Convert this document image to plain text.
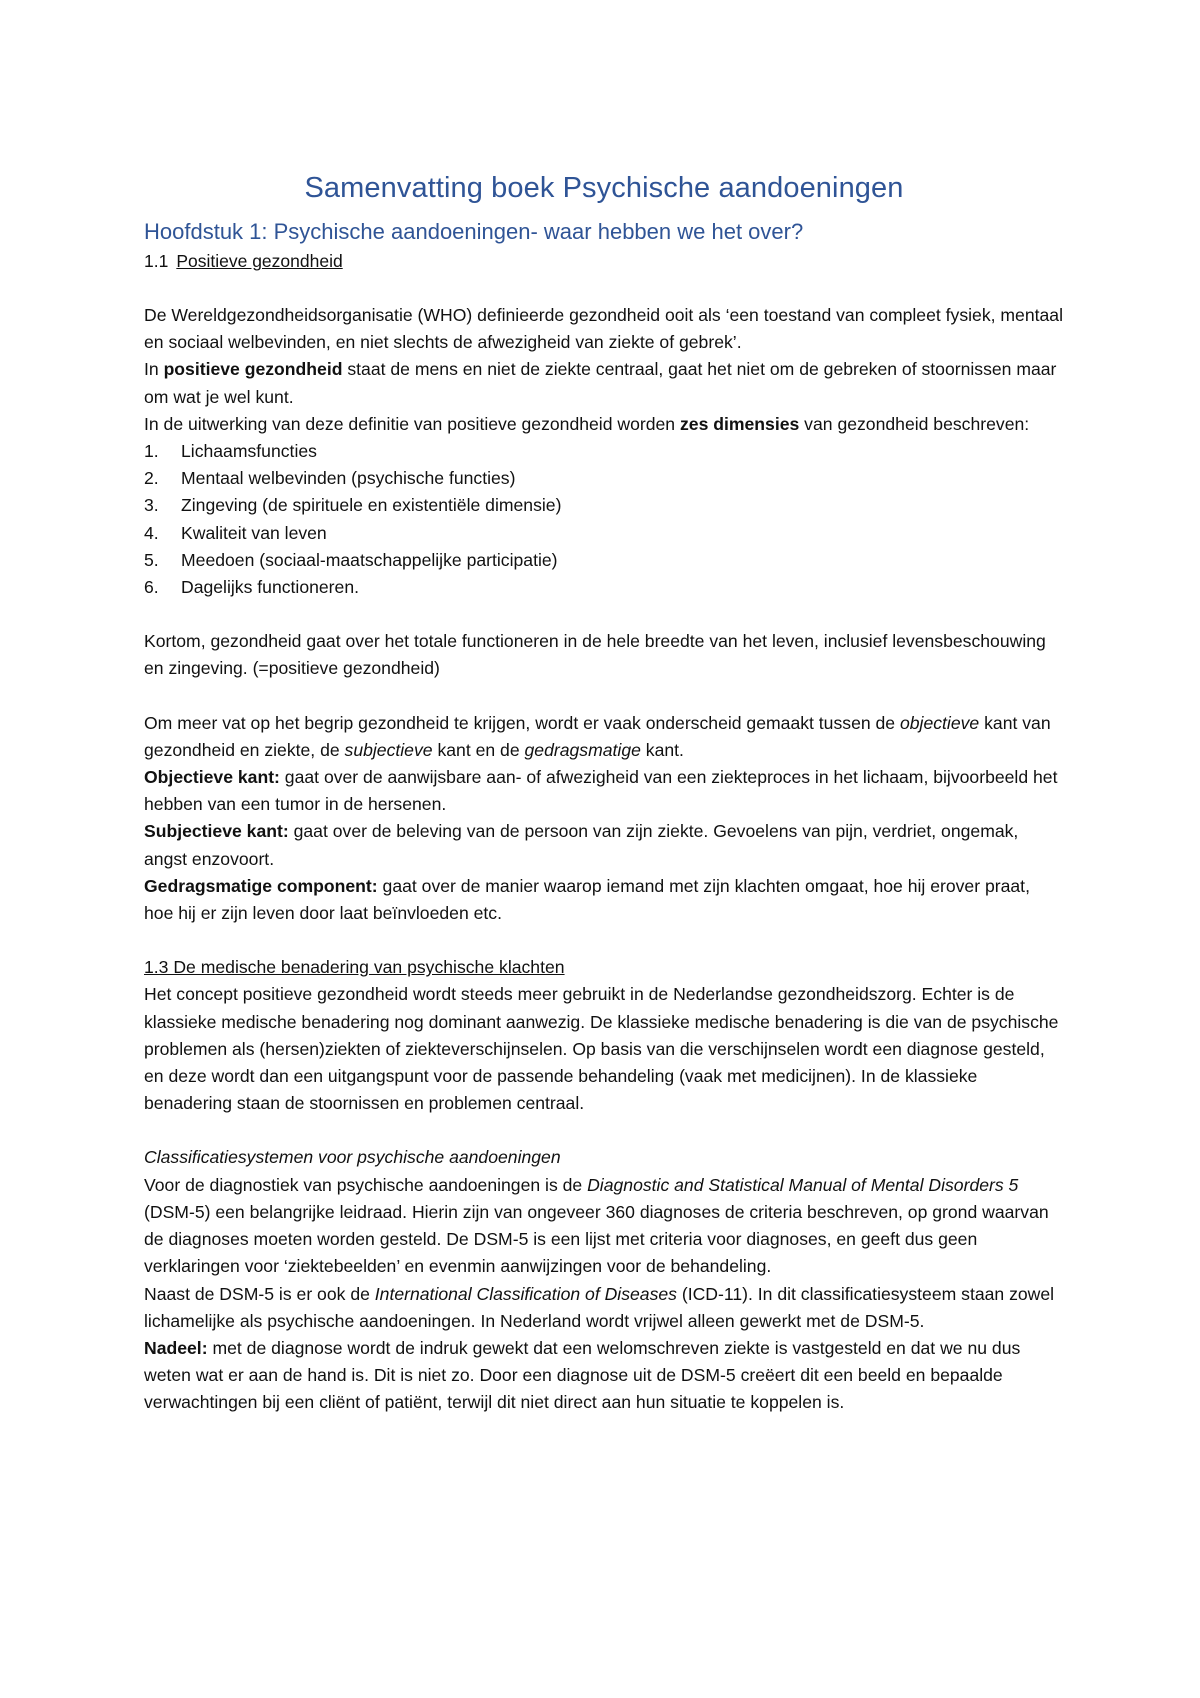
Samenvatting boek Psychische aandoeningen
Hoofdstuk 1: Psychische aandoeningen- waar hebben we het over?
1.1 Positieve gezondheid

De Wereldgezondheidsorganisatie (WHO) definieerde gezondheid ooit als ‘een toestand van compleet fysiek, mentaal en sociaal welbevinden, en niet slechts de afwezigheid van ziekte of gebrek’.

In positieve gezondheid staat de mens en niet de ziekte centraal, gaat het niet om de gebreken of stoornissen maar om wat je wel kunt.

In de uitwerking van deze definitie van positieve gezondheid worden zes dimensies van gezondheid beschreven:

1. Lichaamsfuncties
2. Mentaal welbevinden (psychische functies)
3. Zingeving (de spirituele en existentiële dimensie)
4. Kwaliteit van leven
5. Meedoen (sociaal-maatschappelijke participatie)
6. Dagelijks functioneren.

Kortom, gezondheid gaat over het totale functioneren in de hele breedte van het leven, inclusief levensbeschouwing en zingeving. (=positieve gezondheid)

Om meer vat op het begrip gezondheid te krijgen, wordt er vaak onderscheid gemaakt tussen de objectieve kant van gezondheid en ziekte, de subjectieve kant en de gedragsmatige kant.

Objectieve kant: gaat over de aanwijsbare aan- of afwezigheid van een ziekteproces in het lichaam, bijvoorbeeld het hebben van een tumor in de hersenen.

Subjectieve kant: gaat over de beleving van de persoon van zijn ziekte. Gevoelens van pijn, verdriet, ongemak, angst enzovoort.

Gedragsmatige component: gaat over de manier waarop iemand met zijn klachten omgaat, hoe hij erover praat, hoe hij er zijn leven door laat beïnvloeden etc.

1.3 De medische benadering van psychische klachten

Het concept positieve gezondheid wordt steeds meer gebruikt in de Nederlandse gezondheidszorg. Echter is de klassieke medische benadering nog dominant aanwezig. De klassieke medische benadering is die van de psychische problemen als (hersen)ziekten of ziekteverschijnselen. Op basis van die verschijnselen wordt een diagnose gesteld, en deze wordt dan een uitgangspunt voor de passende behandeling (vaak met medicijnen). In de klassieke benadering staan de stoornissen en problemen centraal.

Classificatiesystemen voor psychische aandoeningen

Voor de diagnostiek van psychische aandoeningen is de Diagnostic and Statistical Manual of Mental Disorders 5 (DSM-5) een belangrijke leidraad. Hierin zijn van ongeveer 360 diagnoses de criteria beschreven, op grond waarvan de diagnoses moeten worden gesteld. De DSM-5 is een lijst met criteria voor diagnoses, en geeft dus geen verklaringen voor ‘ziektebeelden’ en evenmin aanwijzingen voor de behandeling.

Naast de DSM-5 is er ook de International Classification of Diseases (ICD-11). In dit classificatiesysteem staan zowel lichamelijke als psychische aandoeningen. In Nederland wordt vrijwel alleen gewerkt met de DSM-5.

Nadeel: met de diagnose wordt de indruk gewekt dat een welomschreven ziekte is vastgesteld en dat we nu dus weten wat er aan de hand is. Dit is niet zo. Door een diagnose uit de DSM-5 creëert dit een beeld en bepaalde verwachtingen bij een cliënt of patiënt, terwijl dit niet direct aan hun situatie te koppelen is.
